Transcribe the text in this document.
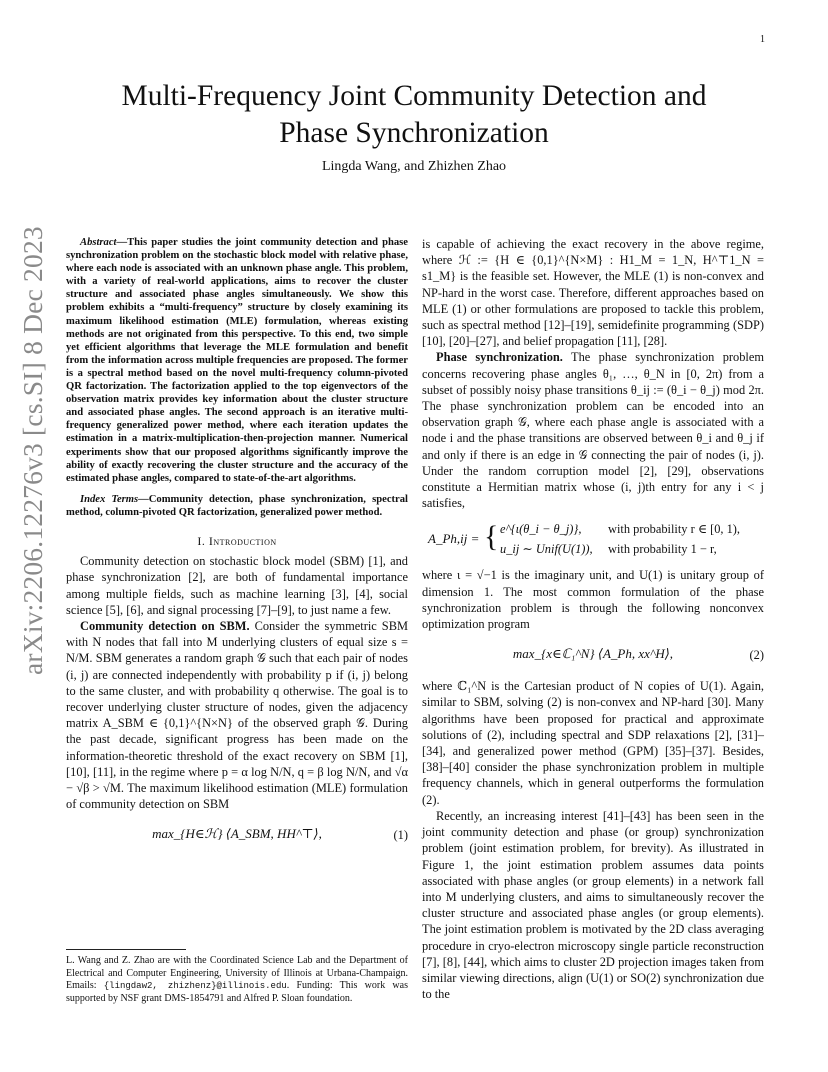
1
arXiv:2206.12276v3 [cs.SI] 8 Dec 2023
Multi-Frequency Joint Community Detection and
Phase Synchronization
Lingda Wang, and Zhizhen Zhao

Abstract—This paper studies the joint community detection and phase synchronization problem on the stochastic block model with relative phase, where each node is associated with an unknown phase angle. This problem, with a variety of real-world applications, aims to recover the cluster structure and associated phase angles simultaneously. We show this problem exhibits a “multi-frequency” structure by closely examining its maximum likelihood estimation (MLE) formulation, whereas existing methods are not originated from this perspective. To this end, two simple yet efficient algorithms that leverage the MLE formulation and benefit from the information across multiple frequencies are proposed. The former is a spectral method based on the novel multi-frequency column-pivoted QR factorization. The factorization applied to the top eigenvectors of the observation matrix provides key information about the cluster structure and associated phase angles. The second approach is an iterative multi-frequency generalized power method, where each iteration updates the estimation in a matrix-multiplication-then-projection manner. Numerical experiments show that our proposed algorithms significantly improve the ability of exactly recovering the cluster structure and the accuracy of the estimated phase angles, compared to state-of-the-art algorithms.

Index Terms—Community detection, phase synchronization, spectral method, column-pivoted QR factorization, generalized power method.

I. Introduction

Community detection on stochastic block model (SBM) [1], and phase synchronization [2], are both of fundamental importance among multiple fields, such as machine learning [3], [4], social science [5], [6], and signal processing [7]–[9], to just name a few.

Community detection on SBM. Consider the symmetric SBM with N nodes that fall into M underlying clusters of equal size s = N/M. SBM generates a random graph 𝒢 such that each pair of nodes (i, j) are connected independently with probability p if (i, j) belong to the same cluster, and with probability q otherwise. The goal is to recover underlying cluster structure of nodes, given the adjacency matrix A_SBM ∈ {0,1}^{N×N} of the observed graph 𝒢. During the past decade, significant progress has been made on the information-theoretic threshold of the exact recovery on SBM [1], [10], [11], in the regime where p = α log N/N, q = β log N/N, and √α − √β > √M. The maximum likelihood estimation (MLE) formulation of community detection on SBM

max_{H∈ℋ} ⟨A_SBM, HH^⊤⟩,	(1)

is capable of achieving the exact recovery in the above regime, where ℋ := {H ∈ {0,1}^{N×M} : H1_M = 1_N, H^⊤1_N = s1_M} is the feasible set. However, the MLE (1) is non-convex and NP-hard in the worst case. Therefore, different approaches based on MLE (1) or other formulations are proposed to tackle this problem, such as spectral method [12]–[19], semidefinite programming (SDP) [10], [20]–[27], and belief propagation [11], [28].

Phase synchronization. The phase synchronization problem concerns recovering phase angles θ₁, …, θ_N in [0, 2π) from a subset of possibly noisy phase transitions θ_ij := (θ_i − θ_j) mod 2π. The phase synchronization problem can be encoded into an observation graph 𝒢, where each phase angle is associated with a node i and the phase transitions are observed between θ_i and θ_j if and only if there is an edge in 𝒢 connecting the pair of nodes (i, j). Under the random corruption model [2], [29], observations constitute a Hermitian matrix whose (i, j)th entry for any i < j satisfies,

A_Ph,ij = { e^{ι(θ_i − θ_j)}, with probability r ∈ [0, 1),
u_ij ∼ Unif(U(1)), with probability 1 − r,

where ι = √−1 is the imaginary unit, and U(1) is unitary group of dimension 1. The most common formulation of the phase synchronization problem is through the following nonconvex optimization program

max_{x∈ℂ₁^N} ⟨A_Ph, xx^H⟩,	(2)

where ℂ₁^N is the Cartesian product of N copies of U(1). Again, similar to SBM, solving (2) is non-convex and NP-hard [30]. Many algorithms have been proposed for practical and approximate solutions of (2), including spectral and SDP relaxations [2], [31]–[34], and generalized power method (GPM) [35]–[37]. Besides, [38]–[40] consider the phase synchronization problem in multiple frequency channels, which in general outperforms the formulation (2).

Recently, an increasing interest [41]–[43] has been seen in the joint community detection and phase (or group) synchronization problem (joint estimation problem, for brevity). As illustrated in Figure 1, the joint estimation problem assumes data points associated with phase angles (or group elements) in a network fall into M underlying clusters, and aims to simultaneously recover the cluster structure and associated phase angles (or group elements). The joint estimation problem is motivated by the 2D class averaging procedure in cryo-electron microscopy single particle reconstruction [7], [8], [44], which aims to cluster 2D projection images taken from similar viewing directions, align (U(1) or SO(2) synchronization due to the

L. Wang and Z. Zhao are with the Coordinated Science Lab and the Department of Electrical and Computer Engineering, University of Illinois at Urbana-Champaign. Emails: {lingdaw2, zhizhenz}@illinois.edu. Funding: This work was supported by NSF grant DMS-1854791 and Alfred P. Sloan foundation.
